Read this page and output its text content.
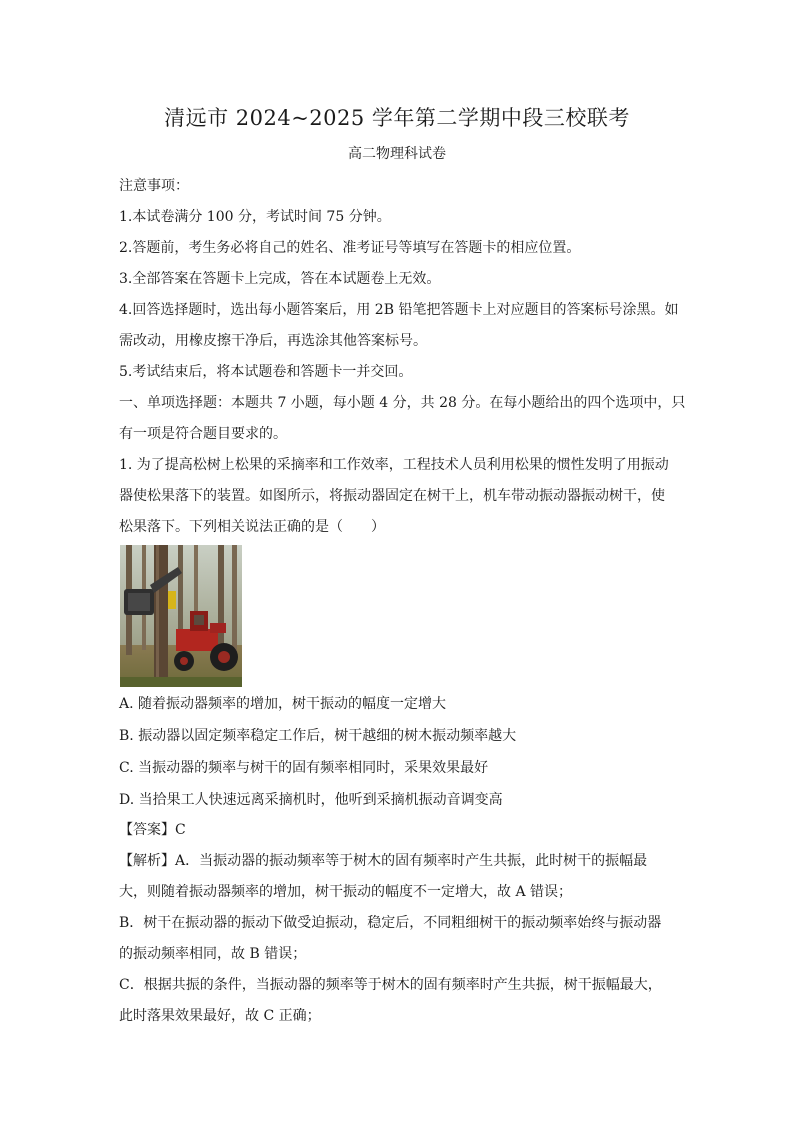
清远市 2024~2025 学年第二学期中段三校联考
高二物理科试卷
注意事项：
1.本试卷满分 100 分，考试时间 75 分钟。
2.答题前，考生务必将自己的姓名、准考证号等填写在答题卡的相应位置。
3.全部答案在答题卡上完成，答在本试题卷上无效。
4.回答选择题时，选出每小题答案后，用 2B 铅笔把答题卡上对应题目的答案标号涂黑。如
需改动，用橡皮擦干净后，再选涂其他答案标号。
5.考试结束后，将本试题卷和答题卡一并交回。
一、单项选择题：本题共 7 小题，每小题 4 分，共 28 分。在每小题给出的四个选项中，只
有一项是符合题目要求的。
1. 为了提高松树上松果的采摘率和工作效率，工程技术人员利用松果的惯性发明了用振动
器使松果落下的装置。如图所示，将振动器固定在树干上，机车带动振动器振动树干，使
松果落下。下列相关说法正确的是（　　）
A. 随着振动器频率的增加，树干振动的幅度一定增大
B. 振动器以固定频率稳定工作后，树干越细的树木振动频率越大
C. 当振动器的频率与树干的固有频率相同时，采果效果最好
D. 当拾果工人快速远离采摘机时，他听到采摘机振动音调变高
【答案】C
【解析】A．当振动器的振动频率等于树木的固有频率时产生共振，此时树干的振幅最
大，则随着振动器频率的增加，树干振动的幅度不一定增大，故 A 错误；
B．树干在振动器的振动下做受迫振动，稳定后，不同粗细树干的振动频率始终与振动器
的振动频率相同，故 B 错误；
C．根据共振的条件，当振动器的频率等于树木的固有频率时产生共振，树干振幅最大，
此时落果效果最好，故 C 正确；
